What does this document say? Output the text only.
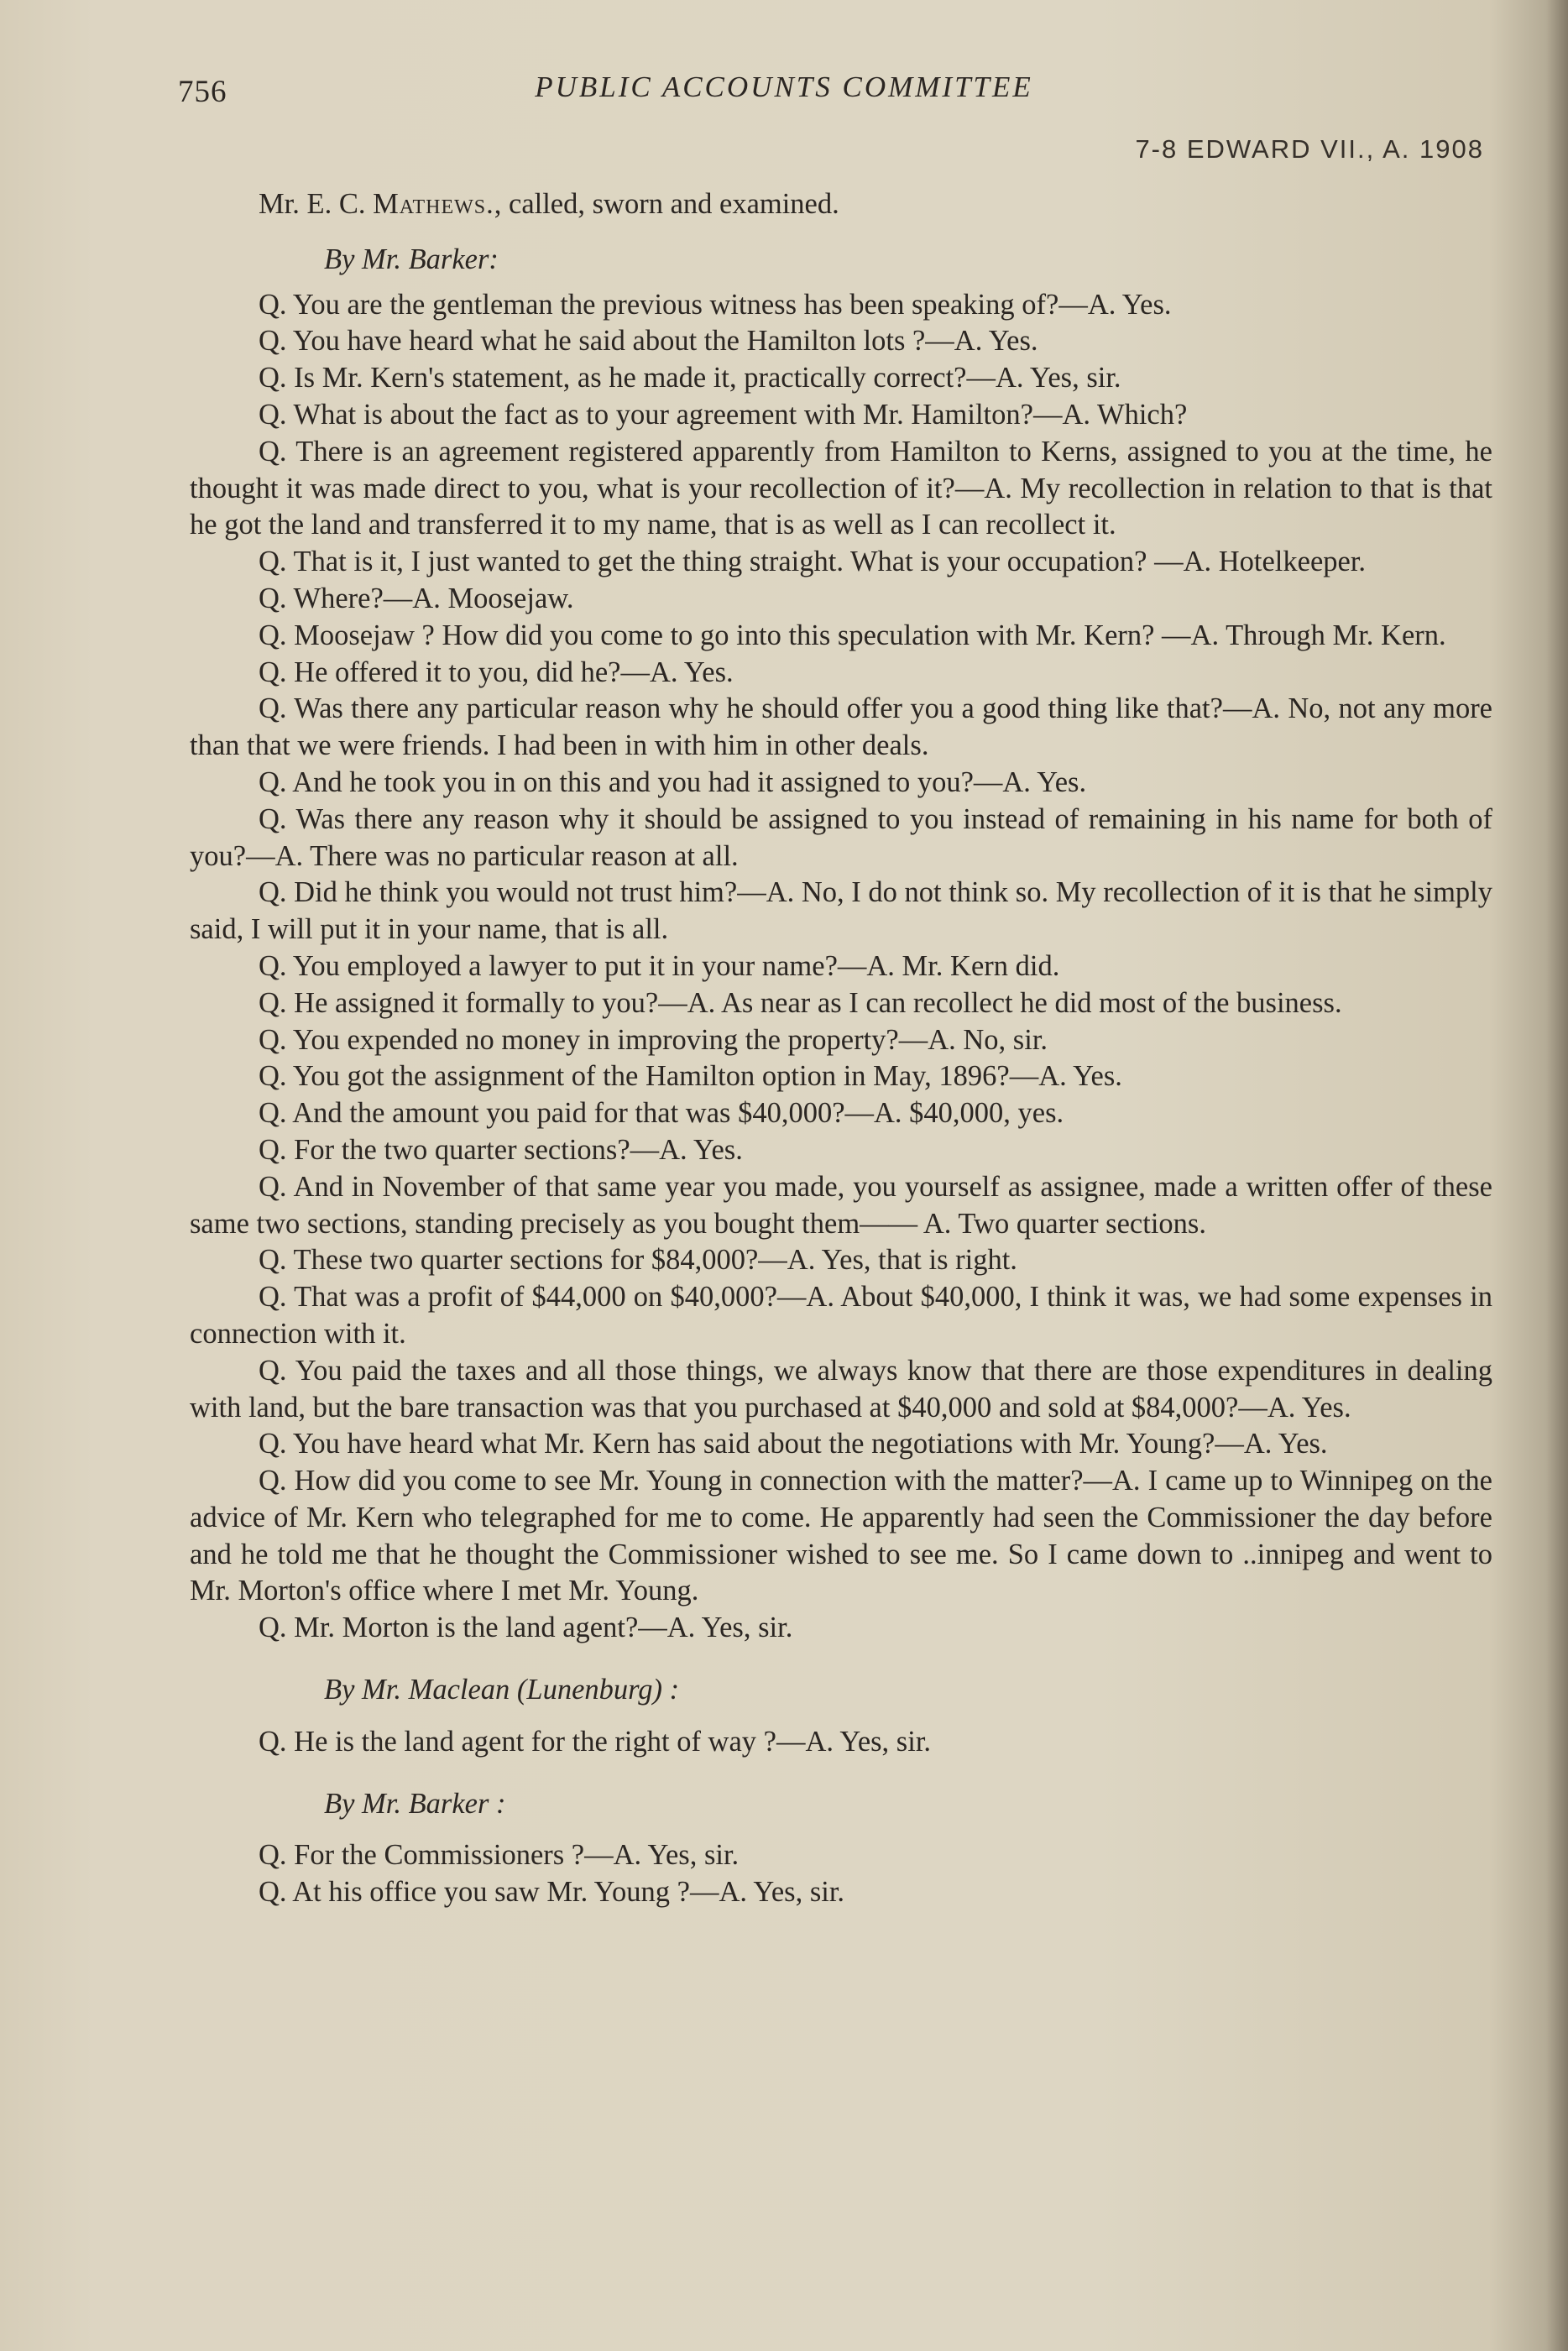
756	PUBLIC ACCOUNTS COMMITTEE
7-8 EDWARD VII., A. 1908
Mr. E. C. Mathews., called, sworn and examined.
By Mr. Barker:

Q. You are the gentleman the previous witness has been speaking of?—A. Yes.

Q. You have heard what he said about the Hamilton lots ?—A. Yes.

Q. Is Mr. Kern's statement, as he made it, practically correct?—A. Yes, sir.

Q. What is about the fact as to your agreement with Mr. Hamilton?—A. Which?

Q. There is an agreement registered apparently from Hamilton to Kerns, assigned to you at the time, he thought it was made direct to you, what is your recollection of it?—A. My recollection in relation to that is that he got the land and transferred it to my name, that is as well as I can recollect it.

Q. That is it, I just wanted to get the thing straight. What is your occupation? —A. Hotelkeeper.

Q. Where?—A. Moosejaw.

Q. Moosejaw ? How did you come to go into this speculation with Mr. Kern? —A. Through Mr. Kern.

Q. He offered it to you, did he?—A. Yes.

Q. Was there any particular reason why he should offer you a good thing like that?—A. No, not any more than that we were friends. I had been in with him in other deals.

Q. And he took you in on this and you had it assigned to you?—A. Yes.

Q. Was there any reason why it should be assigned to you instead of remaining in his name for both of you?—A. There was no particular reason at all.

Q. Did he think you would not trust him?—A. No, I do not think so. My recollection of it is that he simply said, I will put it in your name, that is all.

Q. You employed a lawyer to put it in your name?—A. Mr. Kern did.

Q. He assigned it formally to you?—A. As near as I can recollect he did most of the business.

Q. You expended no money in improving the property?—A. No, sir.

Q. You got the assignment of the Hamilton option in May, 1896?—A. Yes.

Q. And the amount you paid for that was $40,000?—A. $40,000, yes.

Q. For the two quarter sections?—A. Yes.

Q. And in November of that same year you made, you yourself as assignee, made a written offer of these same two sections, standing precisely as you bought them—— A. Two quarter sections.

Q. These two quarter sections for $84,000?—A. Yes, that is right.

Q. That was a profit of $44,000 on $40,000?—A. About $40,000, I think it was, we had some expenses in connection with it.

Q. You paid the taxes and all those things, we always know that there are those expenditures in dealing with land, but the bare transaction was that you purchased at $40,000 and sold at $84,000?—A. Yes.

Q. You have heard what Mr. Kern has said about the negotiations with Mr. Young?—A. Yes.

Q. How did you come to see Mr. Young in connection with the matter?—A. I came up to Winnipeg on the advice of Mr. Kern who telegraphed for me to come. He apparently had seen the Commissioner the day before and he told me that he thought the Commissioner wished to see me. So I came down to ..innipeg and went to Mr. Morton's office where I met Mr. Young.

Q. Mr. Morton is the land agent?—A. Yes, sir.

By Mr. Maclean (Lunenburg) :

Q. He is the land agent for the right of way ?—A. Yes, sir.

By Mr. Barker :

Q. For the Commissioners ?—A. Yes, sir.

Q. At his office you saw Mr. Young ?—A. Yes, sir.
